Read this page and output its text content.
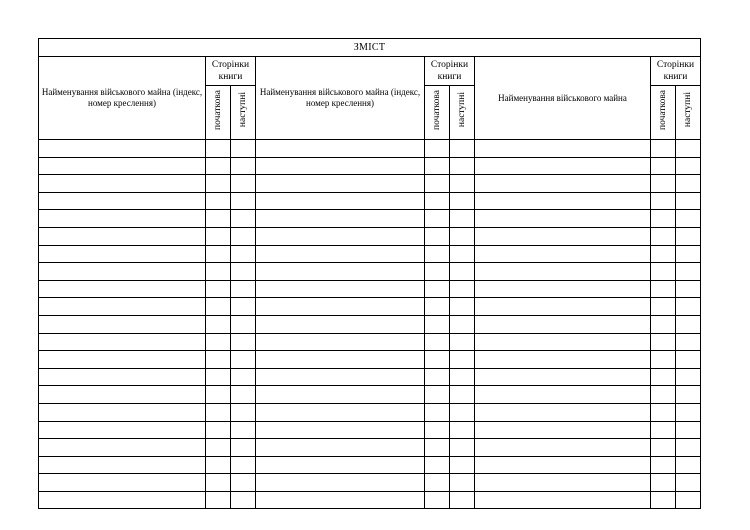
ЗМІСТ								
Найменування військового майна (індекс, номер креслення)	Сторінки книги		Найменування військового майна (індекс, номер креслення)	Сторінки книги		Найменування військового майна	Сторінки книги	
	початкова	наступні		початкова	наступні		початкова	наступні
